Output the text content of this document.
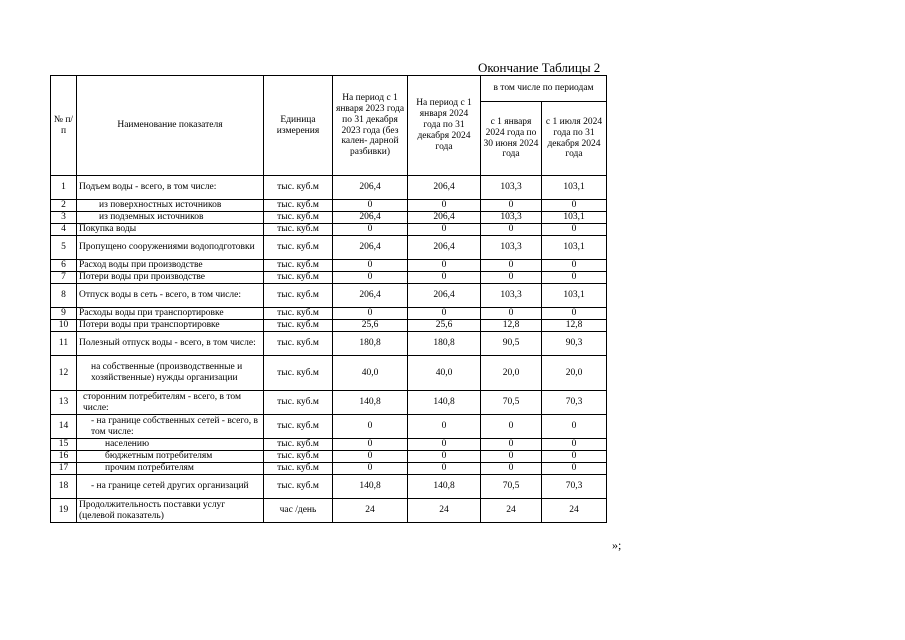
Окончание Таблицы 2
№ п/п	Наименование показателя	Единица измерения	На период с 1 января 2023 года по 31 декабря 2023 года (без кален- дарной разбивки)	На период с 1 января 2024 года по 31 декабря 2024 года	в том числе по периодам	
					с 1 января 2024 года по 30 июня 2024 года	с 1 июля 2024 года по 31 декабря 2024 года
1	Подъем воды - всего, в том числе:	тыс. куб.м	206,4	206,4	103,3	103,1
2	из поверхностных источников	тыс. куб.м	0	0	0	0
3	из подземных источников	тыс. куб.м	206,4	206,4	103,3	103,1
4	Покупка воды	тыс. куб.м	0	0	0	0
5	Пропущено сооружениями водоподготовки	тыс. куб.м	206,4	206,4	103,3	103,1
6	Расход воды при производстве	тыс. куб.м	0	0	0	0
7	Потери воды при производстве	тыс. куб.м	0	0	0	0
8	Отпуск воды в сеть - всего, в том числе:	тыс. куб.м	206,4	206,4	103,3	103,1
9	Расходы воды при транспортировке	тыс. куб.м	0	0	0	0
10	Потери воды при транспортировке	тыс. куб.м	25,6	25,6	12,8	12,8
11	Полезный отпуск воды - всего, в том числе:	тыс. куб.м	180,8	180,8	90,5	90,3
12	на собственные (производственные и хозяйственные) нужды организации	тыс. куб.м	40,0	40,0	20,0	20,0
13	сторонним потребителям - всего, в том числе:	тыс. куб.м	140,8	140,8	70,5	70,3
14	- на границе собственных сетей - всего, в том числе:	тыс. куб.м	0	0	0	0
15	населению	тыс. куб.м	0	0	0	0
16	бюджетным потребителям	тыс. куб.м	0	0	0	0
17	прочим потребителям	тыс. куб.м	0	0	0	0
18	- на границе сетей других организаций	тыс. куб.м	140,8	140,8	70,5	70,3
19	Продолжительность поставки услуг (целевой показатель)	час /день	24	24	24	24
»;
